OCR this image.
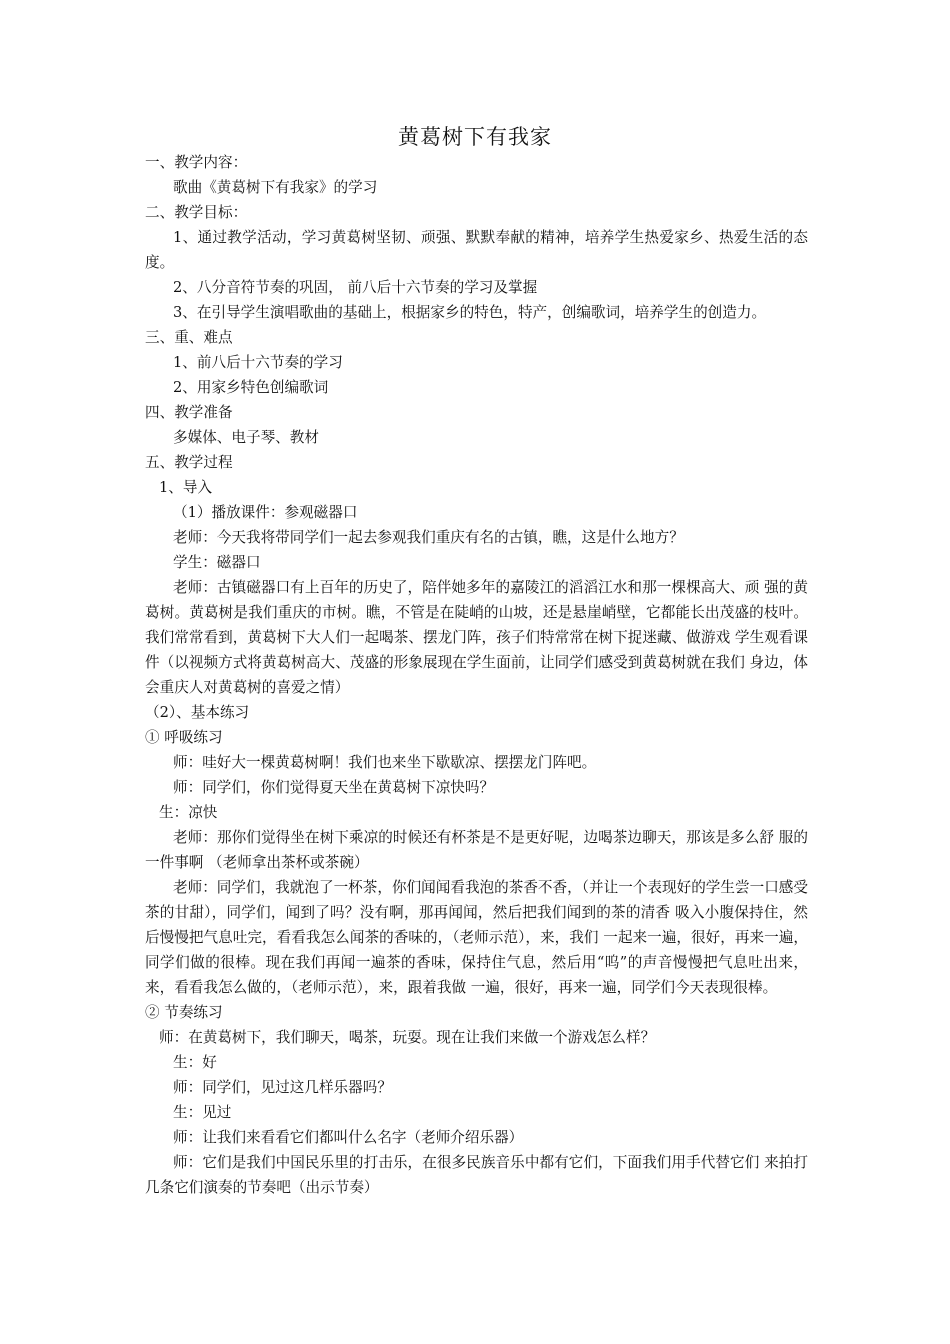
黄葛树下有我家

一、教学内容：

歌曲《黄葛树下有我家》的学习

二、教学目标：

1、通过教学活动，学习黄葛树坚韧、顽强、默默奉献的精神，培养学生热爱家乡、热爱生活的态度。

2、八分音符节奏的巩固， 前八后十六节奏的学习及掌握

3、在引导学生演唱歌曲的基础上，根据家乡的特色，特产，创编歌词，培养学生的创造力。

三、重、难点

1、前八后十六节奏的学习

2、用家乡特色创编歌词

四、教学准备

多媒体、电子琴、教材

五、教学过程

1、导入

（1）播放课件：参观磁器口

老师：今天我将带同学们一起去参观我们重庆有名的古镇，瞧，这是什么地方？

学生：磁器口

老师：古镇磁器口有上百年的历史了，陪伴她多年的嘉陵江的滔滔江水和那一棵棵高大、顽 强的黄葛树。黄葛树是我们重庆的市树。瞧，不管是在陡峭的山坡，还是悬崖峭壁，它都能长出茂盛的枝叶。我们常常看到，黄葛树下大人们一起喝茶、摆龙门阵，孩子们特常常在树下捉迷藏、做游戏 学生观看课件（以视频方式将黄葛树高大、茂盛的形象展现在学生面前，让同学们感受到黄葛树就在我们 身边，体会重庆人对黄葛树的喜爱之情）

（2）、基本练习

① 呼吸练习

师：哇好大一棵黄葛树啊！我们也来坐下歇歇凉、摆摆龙门阵吧。

师：同学们，你们觉得夏天坐在黄葛树下凉快吗？

生：凉快

老师：那你们觉得坐在树下乘凉的时候还有杯茶是不是更好呢，边喝茶边聊天，那该是多么舒 服的一件事啊 （老师拿出茶杯或茶碗）

老师：同学们，我就泡了一杯茶，你们闻闻看我泡的茶香不香，（并让一个表现好的学生尝一口感受茶的甘甜），同学们，闻到了吗？没有啊，那再闻闻，然后把我们闻到的茶的清香 吸入小腹保持住，然后慢慢把气息吐完，看看我怎么闻茶的香味的，（老师示范），来，我们 一起来一遍，很好，再来一遍，同学们做的很棒。现在我们再闻一遍茶的香味，保持住气息，然后用“呜”的声音慢慢把气息吐出来，来，看看我怎么做的，（老师示范），来，跟着我做 一遍，很好，再来一遍，同学们今天表现很棒。

② 节奏练习

师：在黄葛树下，我们聊天，喝茶，玩耍。现在让我们来做一个游戏怎么样？

生：好

师：同学们，见过这几样乐器吗？

生：见过

师：让我们来看看它们都叫什么名字（老师介绍乐器）

师：它们是我们中国民乐里的打击乐，在很多民族音乐中都有它们，下面我们用手代替它们 来拍打几条它们演奏的节奏吧（出示节奏）
